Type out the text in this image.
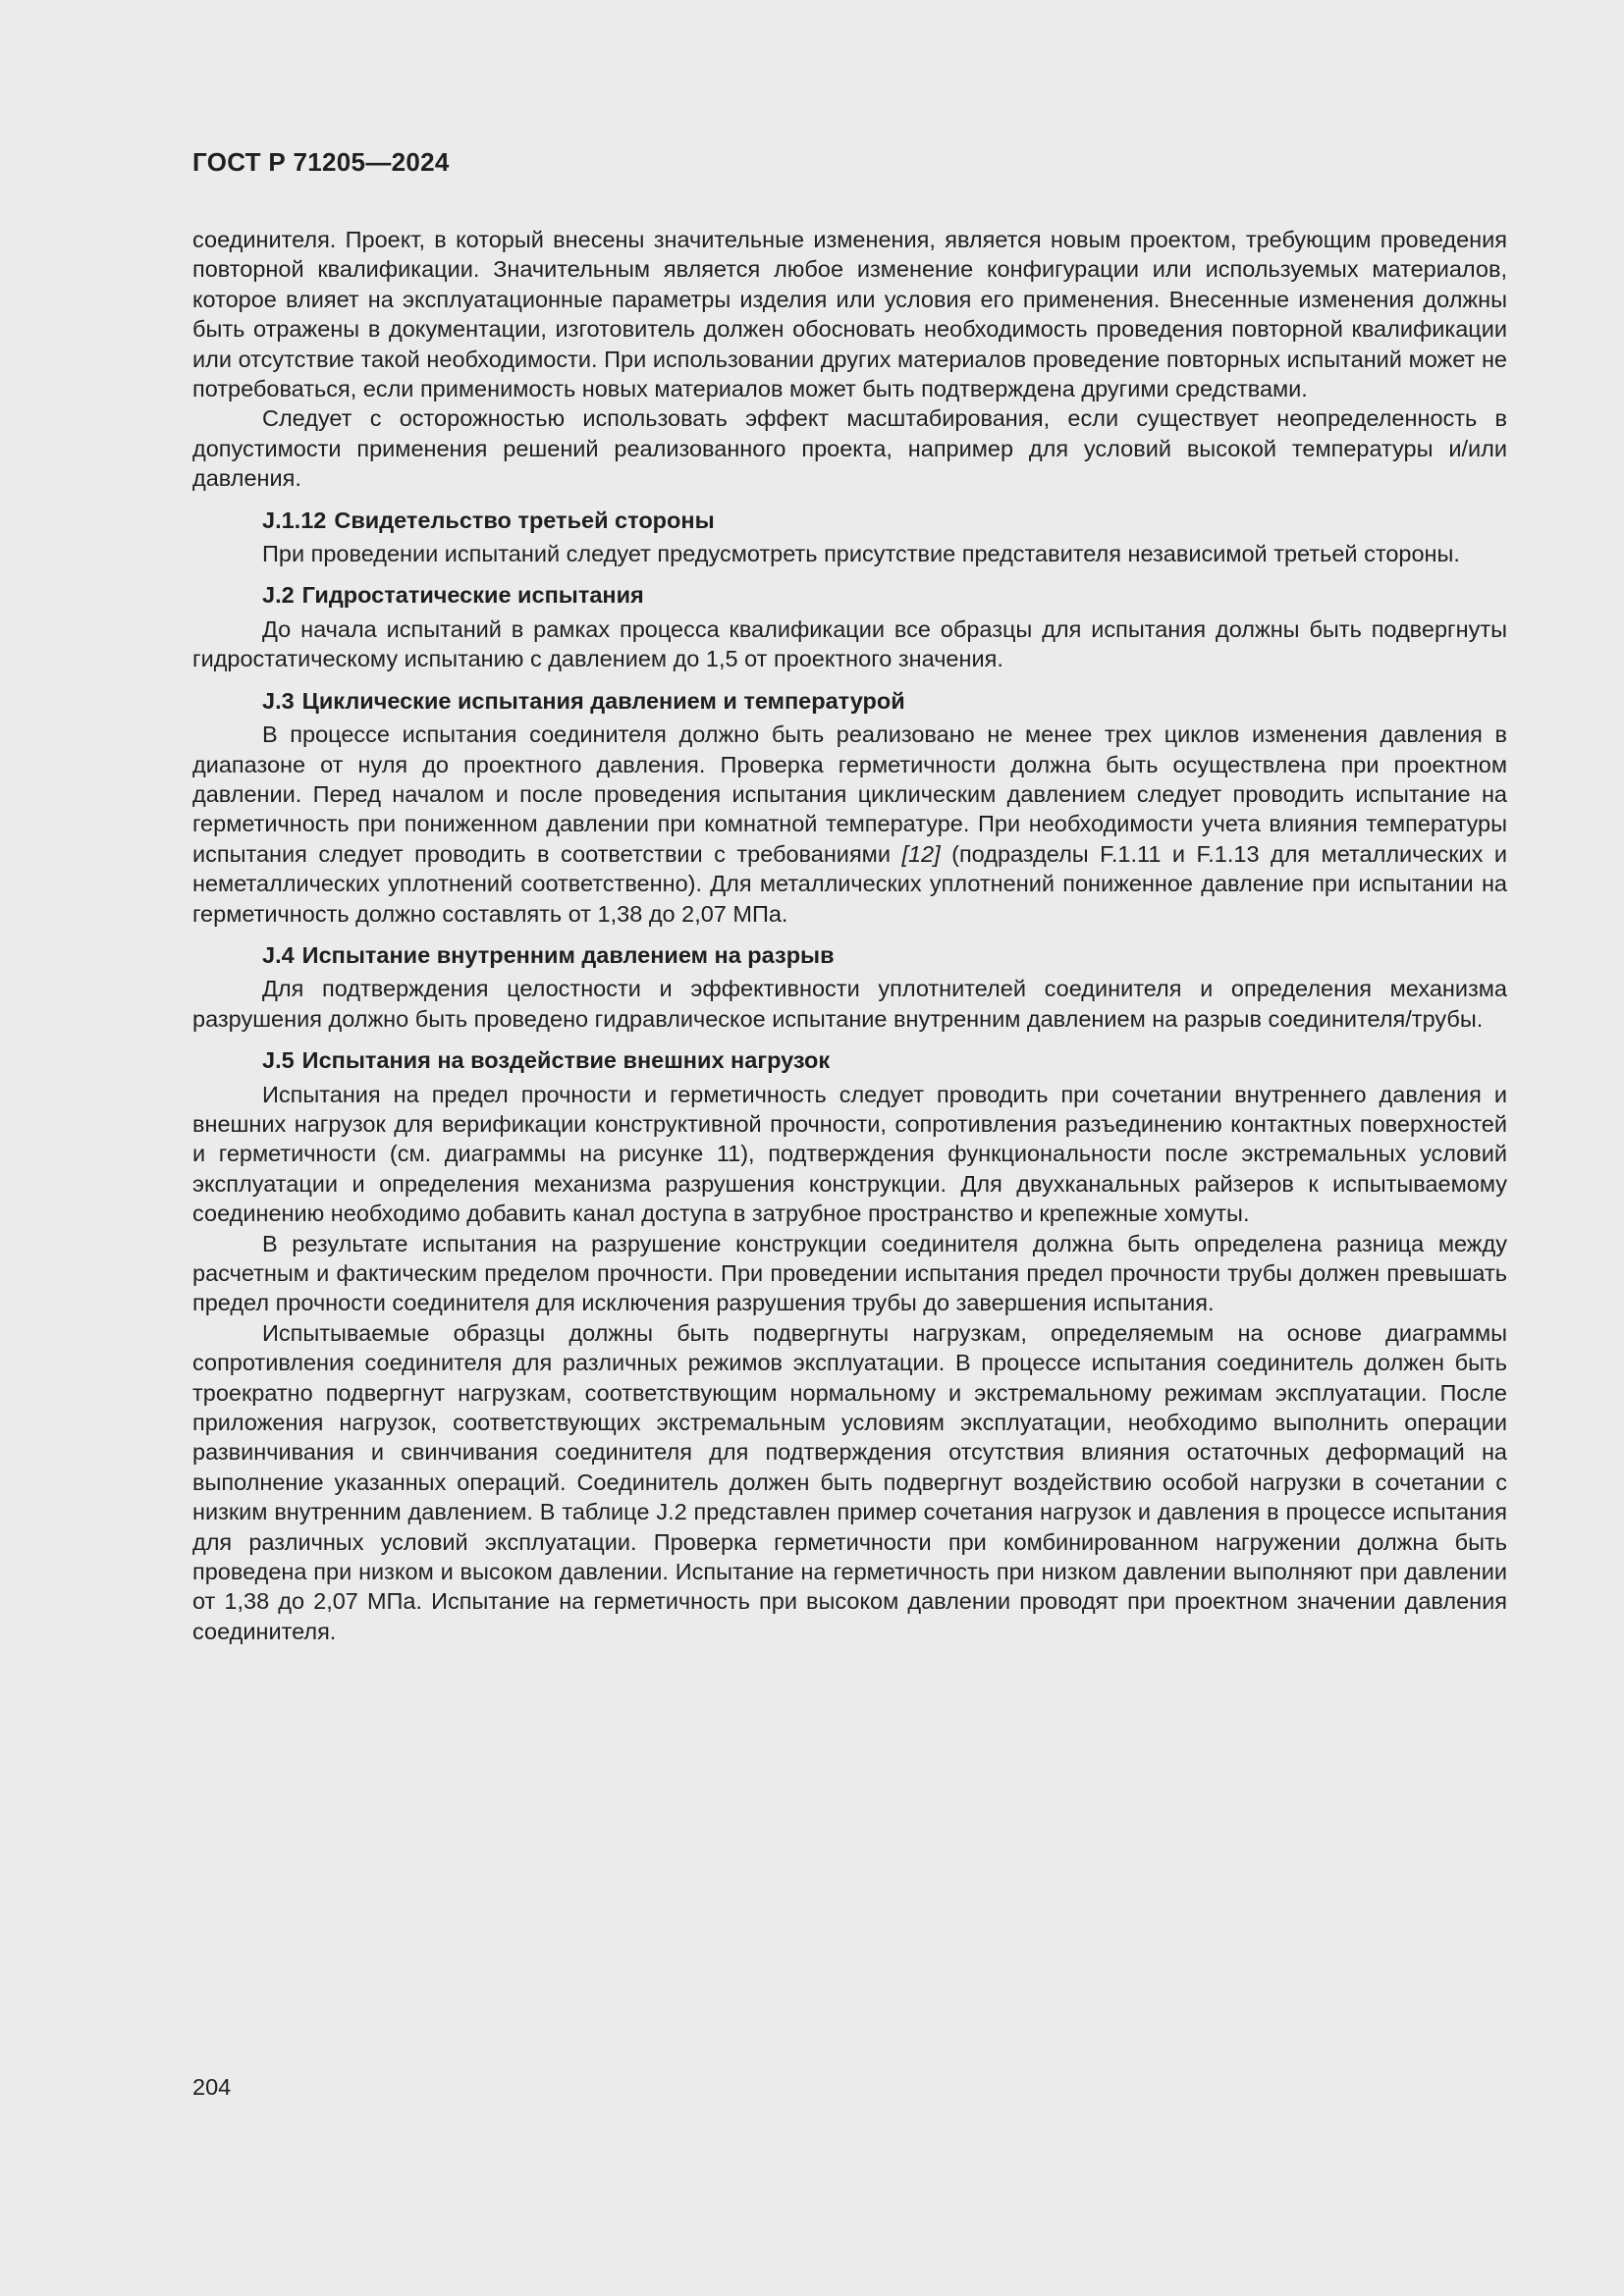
ГОСТ Р 71205—2024

соединителя. Проект, в который внесены значительные изменения, является новым проектом, требующим проведения повторной квалификации. Значительным является любое изменение конфигурации или используемых материалов, которое влияет на эксплуатационные параметры изделия или условия его применения. Внесенные изменения должны быть отражены в документации, изготовитель должен обосновать необходимость проведения повторной квалификации или отсутствие такой необходимости. При использовании других материалов проведение повторных испытаний может не потребоваться, если применимость новых материалов может быть подтверждена другими средствами.

Следует с осторожностью использовать эффект масштабирования, если существует неопределенность в допустимости применения решений реализованного проекта, например для условий высокой температуры и/или давления.

J.1.12 Свидетельство третьей стороны

При проведении испытаний следует предусмотреть присутствие представителя независимой третьей стороны.

J.2 Гидростатические испытания

До начала испытаний в рамках процесса квалификации все образцы для испытания должны быть подвергнуты гидростатическому испытанию с давлением до 1,5 от проектного значения.

J.3 Циклические испытания давлением и температурой

В процессе испытания соединителя должно быть реализовано не менее трех циклов изменения давления в диапазоне от нуля до проектного давления. Проверка герметичности должна быть осуществлена при проектном давлении. Перед началом и после проведения испытания циклическим давлением следует проводить испытание на герметичность при пониженном давлении при комнатной температуре. При необходимости учета влияния температуры испытания следует проводить в соответствии с требованиями [12] (подразделы F.1.11 и F.1.13 для металлических и неметаллических уплотнений соответственно). Для металлических уплотнений пониженное давление при испытании на герметичность должно составлять от 1,38 до 2,07 МПа.

J.4 Испытание внутренним давлением на разрыв

Для подтверждения целостности и эффективности уплотнителей соединителя и определения механизма разрушения должно быть проведено гидравлическое испытание внутренним давлением на разрыв соединителя/трубы.

J.5 Испытания на воздействие внешних нагрузок

Испытания на предел прочности и герметичность следует проводить при сочетании внутреннего давления и внешних нагрузок для верификации конструктивной прочности, сопротивления разъединению контактных поверхностей и герметичности (см. диаграммы на рисунке 11), подтверждения функциональности после экстремальных условий эксплуатации и определения механизма разрушения конструкции. Для двухканальных райзеров к испытываемому соединению необходимо добавить канал доступа в затрубное пространство и крепежные хомуты.

В результате испытания на разрушение конструкции соединителя должна быть определена разница между расчетным и фактическим пределом прочности. При проведении испытания предел прочности трубы должен превышать предел прочности соединителя для исключения разрушения трубы до завершения испытания.

Испытываемые образцы должны быть подвергнуты нагрузкам, определяемым на основе диаграммы сопротивления соединителя для различных режимов эксплуатации. В процессе испытания соединитель должен быть троекратно подвергнут нагрузкам, соответствующим нормальному и экстремальному режимам эксплуатации. После приложения нагрузок, соответствующих экстремальным условиям эксплуатации, необходимо выполнить операции развинчивания и свинчивания соединителя для подтверждения отсутствия влияния остаточных деформаций на выполнение указанных операций. Соединитель должен быть подвергнут воздействию особой нагрузки в сочетании с низким внутренним давлением. В таблице J.2 представлен пример сочетания нагрузок и давления в процессе испытания для различных условий эксплуатации. Проверка герметичности при комбинированном нагружении должна быть проведена при низком и высоком давлении. Испытание на герметичность при низком давлении выполняют при давлении от 1,38 до 2,07 МПа. Испытание на герметичность при высоком давлении проводят при проектном значении давления соединителя.

204
